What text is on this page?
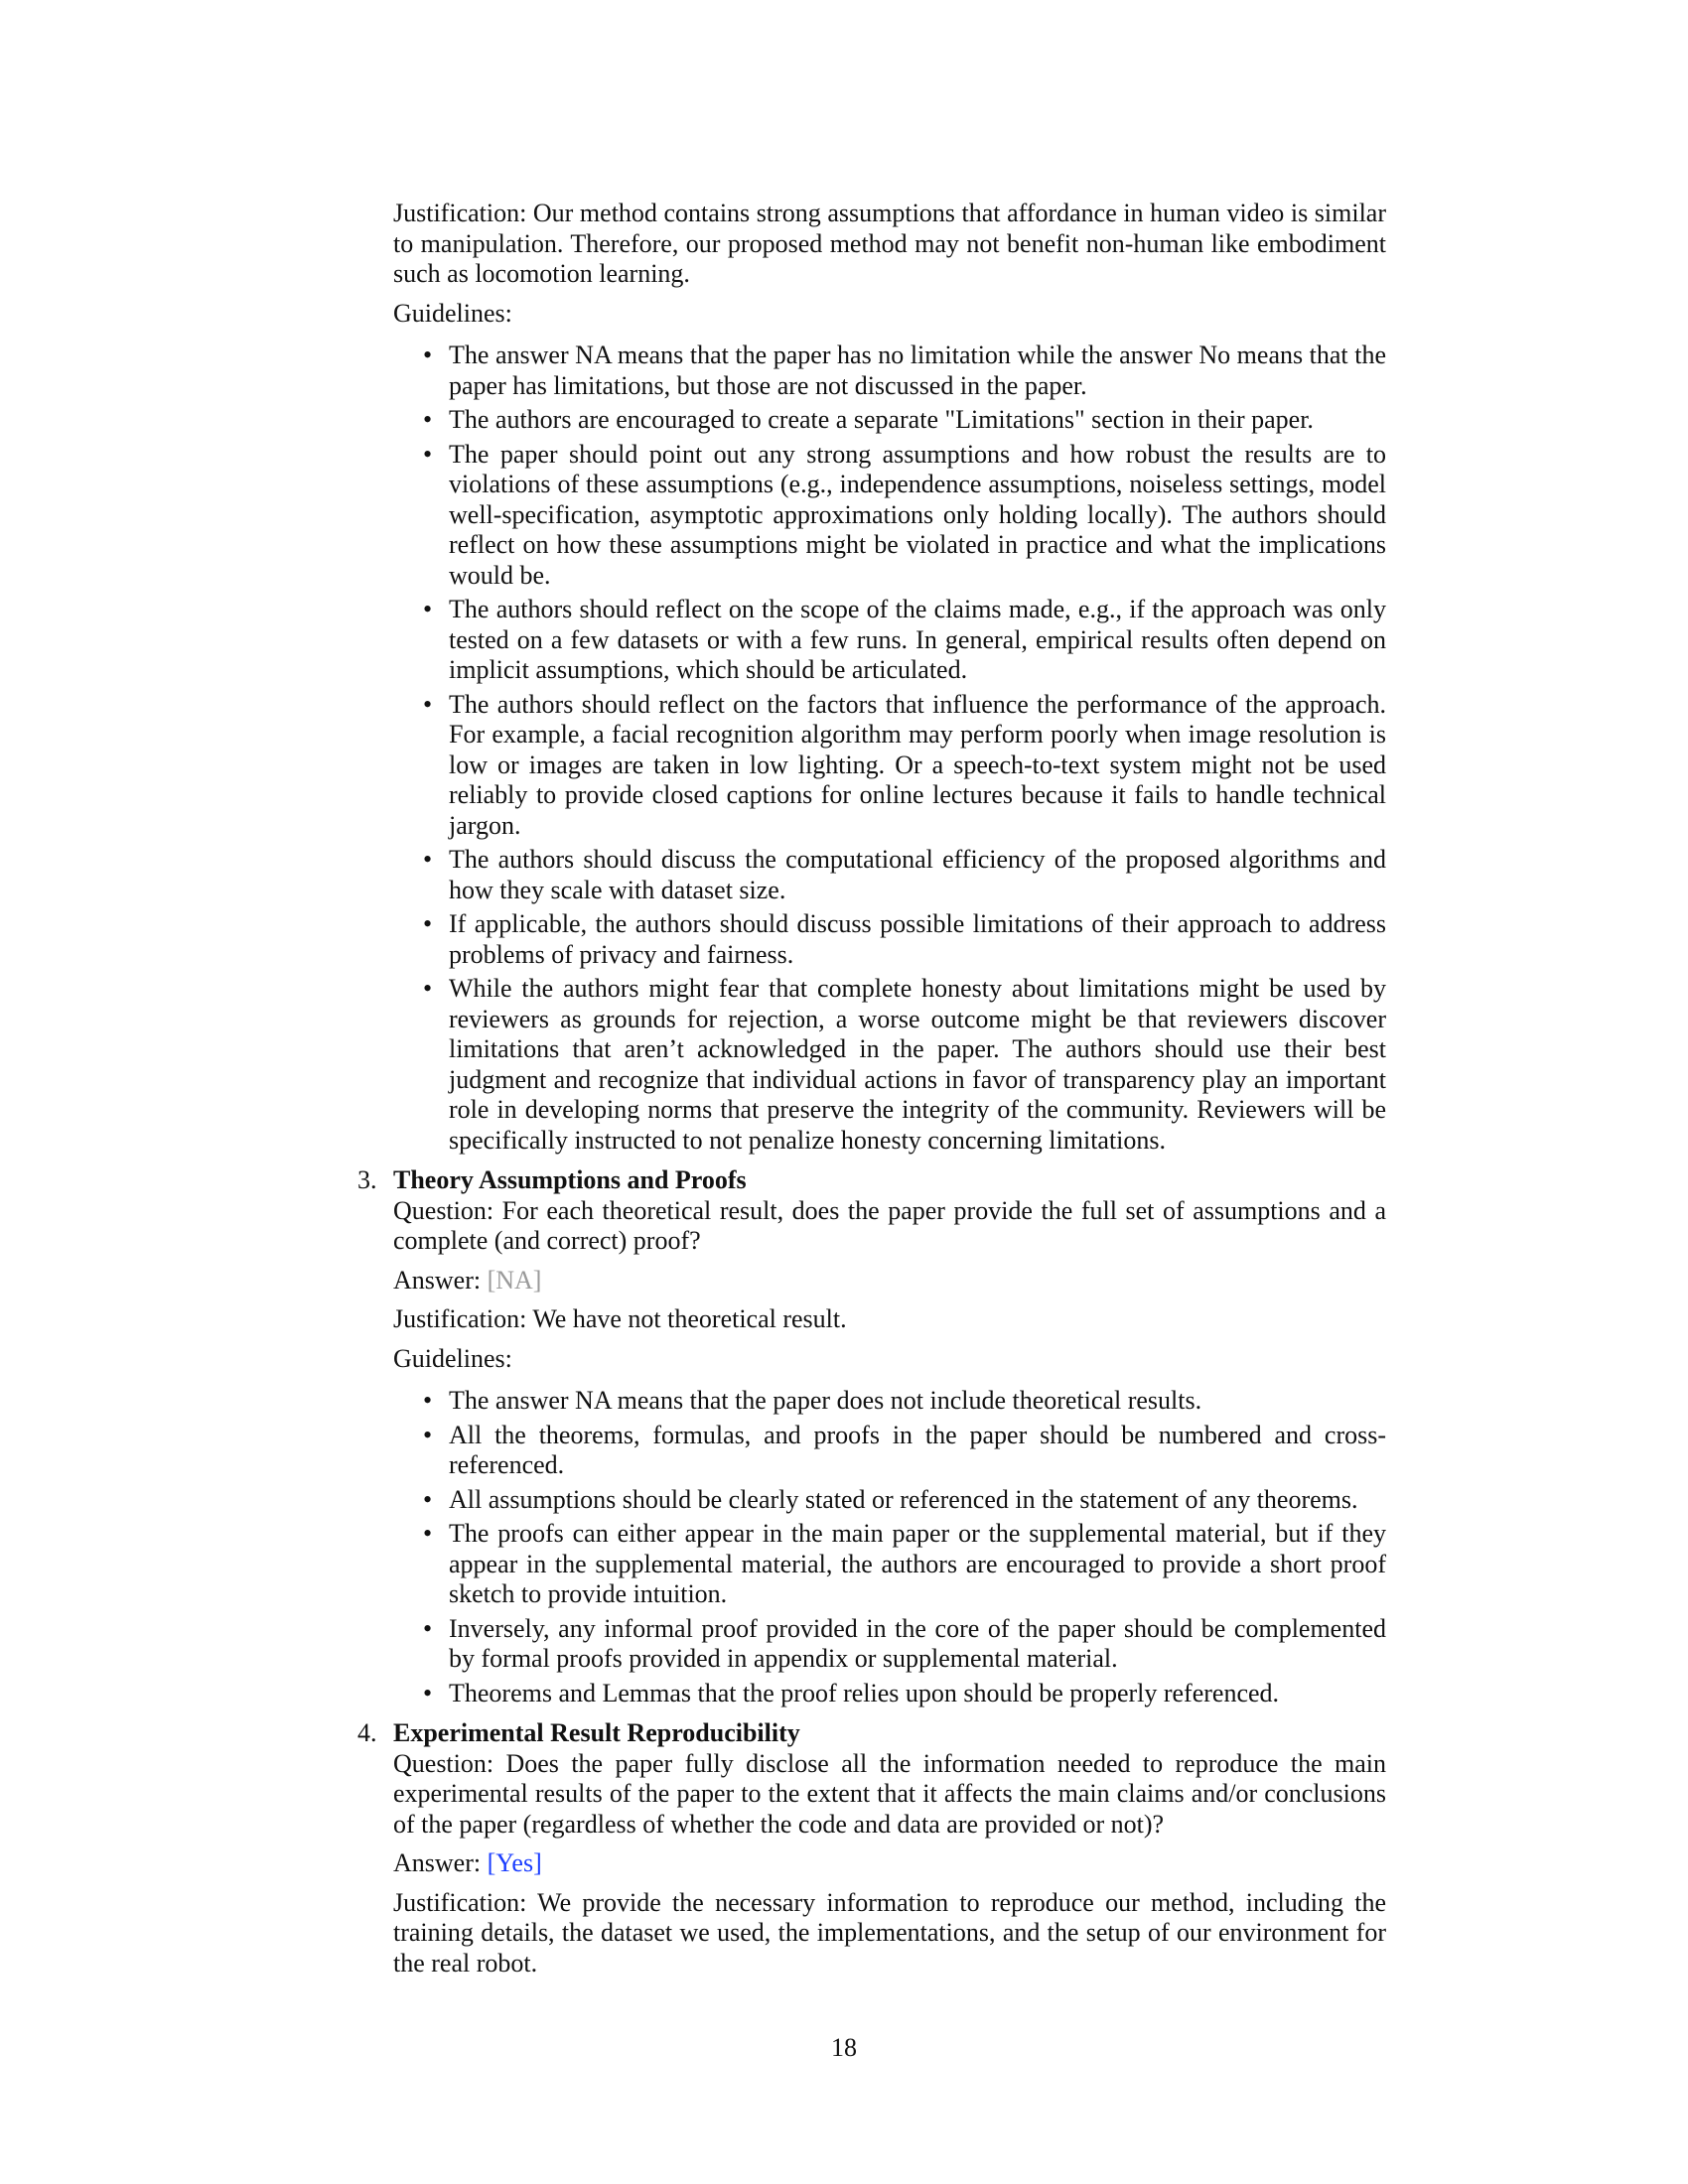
Justification: Our method contains strong assumptions that affordance in human video is similar to manipulation. Therefore, our proposed method may not benefit non-human like embodiment such as locomotion learning.

Guidelines:

• The answer NA means that the paper has no limitation while the answer No means that the paper has limitations, but those are not discussed in the paper.
• The authors are encouraged to create a separate "Limitations" section in their paper.
• The paper should point out any strong assumptions and how robust the results are to violations of these assumptions (e.g., independence assumptions, noiseless settings, model well-specification, asymptotic approximations only holding locally). The authors should reflect on how these assumptions might be violated in practice and what the implications would be.
• The authors should reflect on the scope of the claims made, e.g., if the approach was only tested on a few datasets or with a few runs. In general, empirical results often depend on implicit assumptions, which should be articulated.
• The authors should reflect on the factors that influence the performance of the approach. For example, a facial recognition algorithm may perform poorly when image resolution is low or images are taken in low lighting. Or a speech-to-text system might not be used reliably to provide closed captions for online lectures because it fails to handle technical jargon.
• The authors should discuss the computational efficiency of the proposed algorithms and how they scale with dataset size.
• If applicable, the authors should discuss possible limitations of their approach to address problems of privacy and fairness.
• While the authors might fear that complete honesty about limitations might be used by reviewers as grounds for rejection, a worse outcome might be that reviewers discover limitations that aren’t acknowledged in the paper. The authors should use their best judgment and recognize that individual actions in favor of transparency play an important role in developing norms that preserve the integrity of the community. Reviewers will be specifically instructed to not penalize honesty concerning limitations.
3. Theory Assumptions and Proofs

Question: For each theoretical result, does the paper provide the full set of assumptions and a complete (and correct) proof?

Answer: [NA]

Justification: We have not theoretical result.

Guidelines:

• The answer NA means that the paper does not include theoretical results.
• All the theorems, formulas, and proofs in the paper should be numbered and cross-referenced.
• All assumptions should be clearly stated or referenced in the statement of any theorems.
• The proofs can either appear in the main paper or the supplemental material, but if they appear in the supplemental material, the authors are encouraged to provide a short proof sketch to provide intuition.
• Inversely, any informal proof provided in the core of the paper should be complemented by formal proofs provided in appendix or supplemental material.
• Theorems and Lemmas that the proof relies upon should be properly referenced.
4. Experimental Result Reproducibility

Question: Does the paper fully disclose all the information needed to reproduce the main experimental results of the paper to the extent that it affects the main claims and/or conclusions of the paper (regardless of whether the code and data are provided or not)?

Answer: [Yes]

Justification: We provide the necessary information to reproduce our method, including the training details, the dataset we used, the implementations, and the setup of our environment for the real robot.

18
